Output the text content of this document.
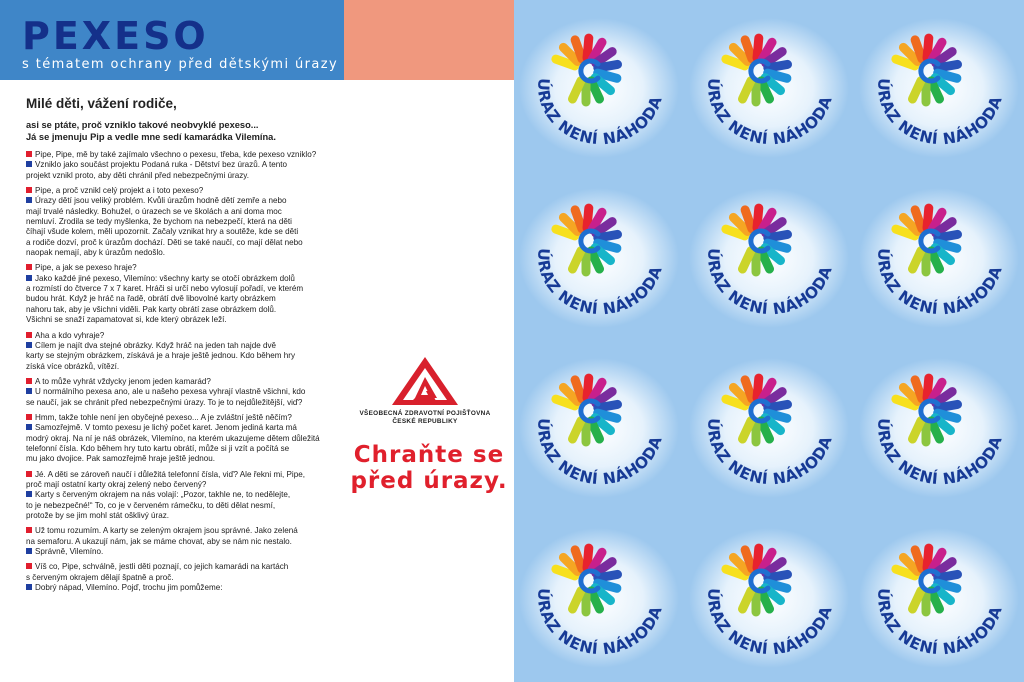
PEXESO
s tématem ochrany před dětskými úrazy
Milé děti, vážení rodiče,
asi se ptáte, proč vzniklo takové neobvyklé pexeso...
Já se jmenuju Pip a vedle mne sedí kamarádka Vilemína.
Pipe, Pipe, mě by také zajímalo všechno o pexesu, třeba, kde pexeso vzniklo?
Vzniklo jako součást projektu Podaná ruka - Dětství bez úrazů. A tento
projekt vznikl proto, aby děti chránil před nebezpečnými úrazy.
Pipe, a proč vznikl celý projekt a i toto pexeso?
Úrazy dětí jsou veliký problém. Kvůli úrazům hodně dětí zemře a nebo
mají trvalé následky. Bohužel, o úrazech se ve školách a ani doma moc
nemluví. Zrodila se tedy myšlenka, že bychom na nebezpečí, která na děti
číhají všude kolem, měli upozornit. Začaly vznikat hry a soutěže, kde se děti
a rodiče dozví, proč k úrazům dochází. Děti se také naučí, co mají dělat nebo
naopak nemají, aby k úrazům nedošlo.
Pipe, a jak se pexeso hraje?
Jako každé jiné pexeso, Vilemíno: všechny karty se otočí obrázkem dolů
a rozmístí do čtverce 7 x 7 karet. Hráči si určí nebo vylosují pořadí, ve kterém
budou hrát. Když je hráč na řadě, obrátí dvě libovolné karty obrázkem
nahoru tak, aby je všichni viděli. Pak karty obrátí zase obrázkem dolů.
Všichni se snaží zapamatovat si, kde který obrázek leží.
Aha a kdo vyhraje?
Cílem je najít dva stejné obrázky. Když hráč na jeden tah najde dvě
karty se stejným obrázkem, získává je a hraje ještě jednou. Kdo během hry
získá více obrázků, vítězí.
A to může vyhrát vždycky jenom jeden kamarád?
U normálního pexesa ano, ale u našeho pexesa vyhrají vlastně všichni, kdo
se naučí, jak se chránit před nebezpečnými úrazy. To je to nejdůležitější, viď?
Hmm, takže tohle není jen obyčejné pexeso... A je zvláštní ještě něčím?
Samozřejmě. V tomto pexesu je lichý počet karet. Jenom jediná karta má
modrý okraj. Na ní je náš obrázek, Vilemíno, na kterém ukazujeme dětem důležitá
telefonní čísla. Kdo během hry tuto kartu obrátí, může si ji vzít a počítá se
mu jako dvojice. Pak samozřejmě hraje ještě jednou.
Jé. A děti se zároveň naučí i důležitá telefonní čísla, viď? Ale řekni mi, Pipe,
proč mají ostatní karty okraj zelený nebo červený?
Karty s červeným okrajem na nás volají: „Pozor, takhle ne, to nedělejte,
to je nebezpečné!“ To, co je v červeném rámečku, to děti dělat nesmí,
protože by se jim mohl stát ošklivý úraz.
Už tomu rozumím. A karty se zeleným okrajem jsou správné. Jako zelená
na semaforu. A ukazují nám, jak se máme chovat, aby se nám nic nestalo.
Správně, Vilemíno.
Víš co, Pipe, schválně, jestli děti poznají, co jejich kamarádi na kartách
s červeným okrajem dělají špatně a proč.
Dobrý nápad, Vilemíno. Pojď, trochu jim pomůžeme:
VŠEOBECNÁ ZDRAVOTNÍ POJIŠŤOVNA
ČESKÉ REPUBLIKY
Chraňte se
před úrazy.
ÚRAZ NENÍ NÁHODA
ÚRAZ NENÍ NÁHODA
ÚRAZ NENÍ NÁHODA
ÚRAZ NENÍ NÁHODA
ÚRAZ NENÍ NÁHODA
ÚRAZ NENÍ NÁHODA
ÚRAZ NENÍ NÁHODA
ÚRAZ NENÍ NÁHODA
ÚRAZ NENÍ NÁHODA
ÚRAZ NENÍ NÁHODA
ÚRAZ NENÍ NÁHODA
ÚRAZ NENÍ NÁHODA
